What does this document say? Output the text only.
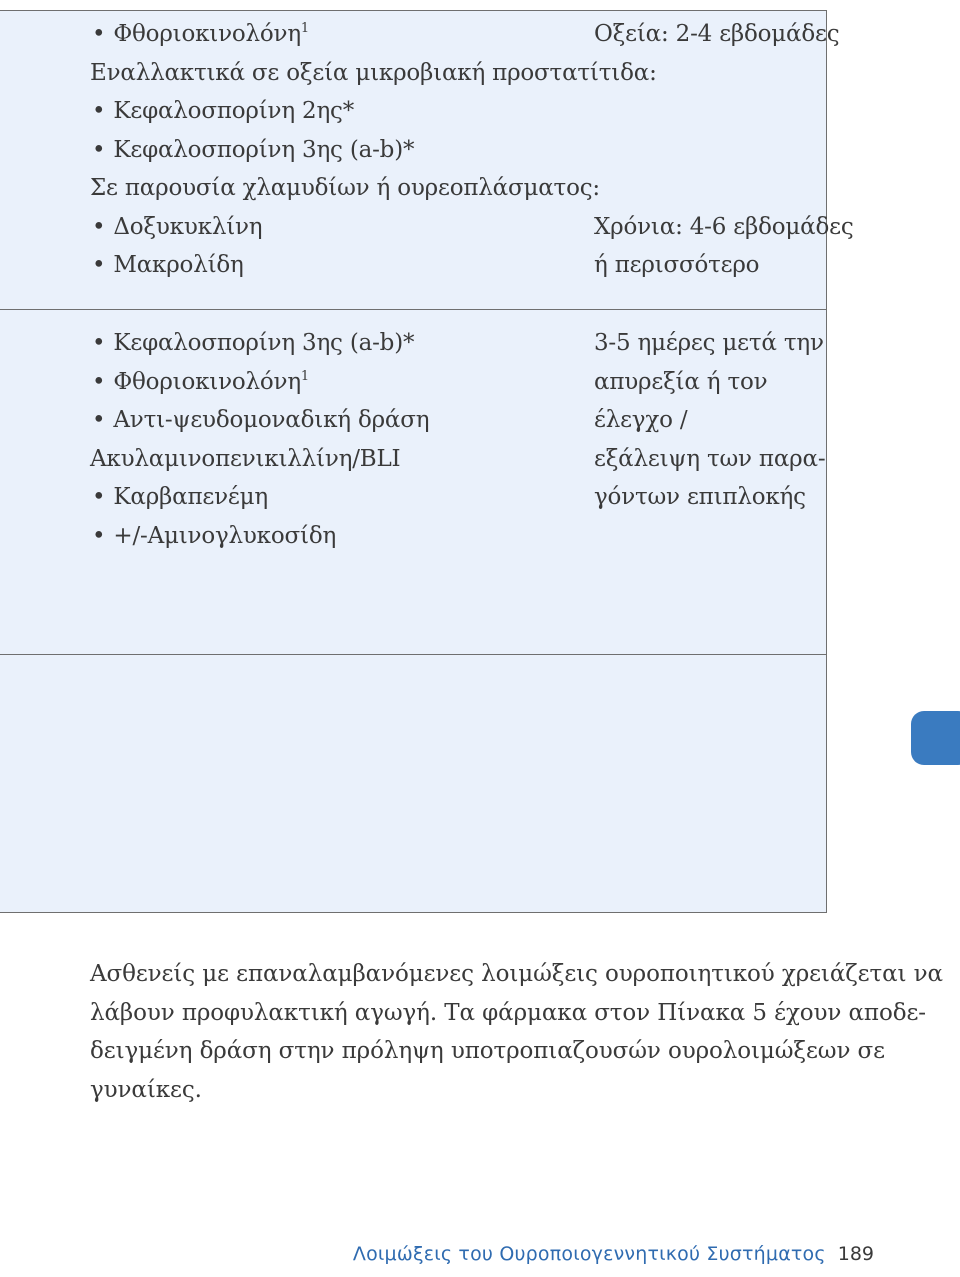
• Φθοριοκινολόνη$^1$
Εναλλακτικά σε οξεία μικροβιακή προστατίτιδα:
• Κεφαλοσπορίνη 2ης*
• Κεφαλοσπορίνη 3ης (a-b)*
Σε παρουσία χλαμυδίων ή ουρεοπλάσματος:
• Δοξυκυκλίνη
• Μακρολίδη
Οξεία: 2-4 εβδομάδες
Χρόνια: 4-6 εβδομάδες
ή περισσότερο
• Κεφαλοσπορίνη 3ης (a-b)*
• Φθοριοκινολόνη$^1$
• Αντι-ψευδομοναδική δράση
Ακυλαμινοπενικιλλίνη/BLI
• Καρβαπενέμη
• +/-Αμινογλυκοσίδη
3-5 ημέρες μετά την
απυρεξία ή τον
έλεγχο /
εξάλειψη των παρα-
γόντων επιπλοκής
Ασθενείς με επαναλαμβανόμενες λοιμώξεις ουροποιητικού χρειάζεται να
λάβουν προφυλακτική αγωγή. Τα φάρμακα στον Πίνακα 5 έχουν αποδε-
δειγμένη δράση στην πρόληψη υποτροπιαζουσών ουρολοιμώξεων σε
γυναίκες.
Λοιμώξεις του Ουροποιογεννητικού Συστήματος 189
